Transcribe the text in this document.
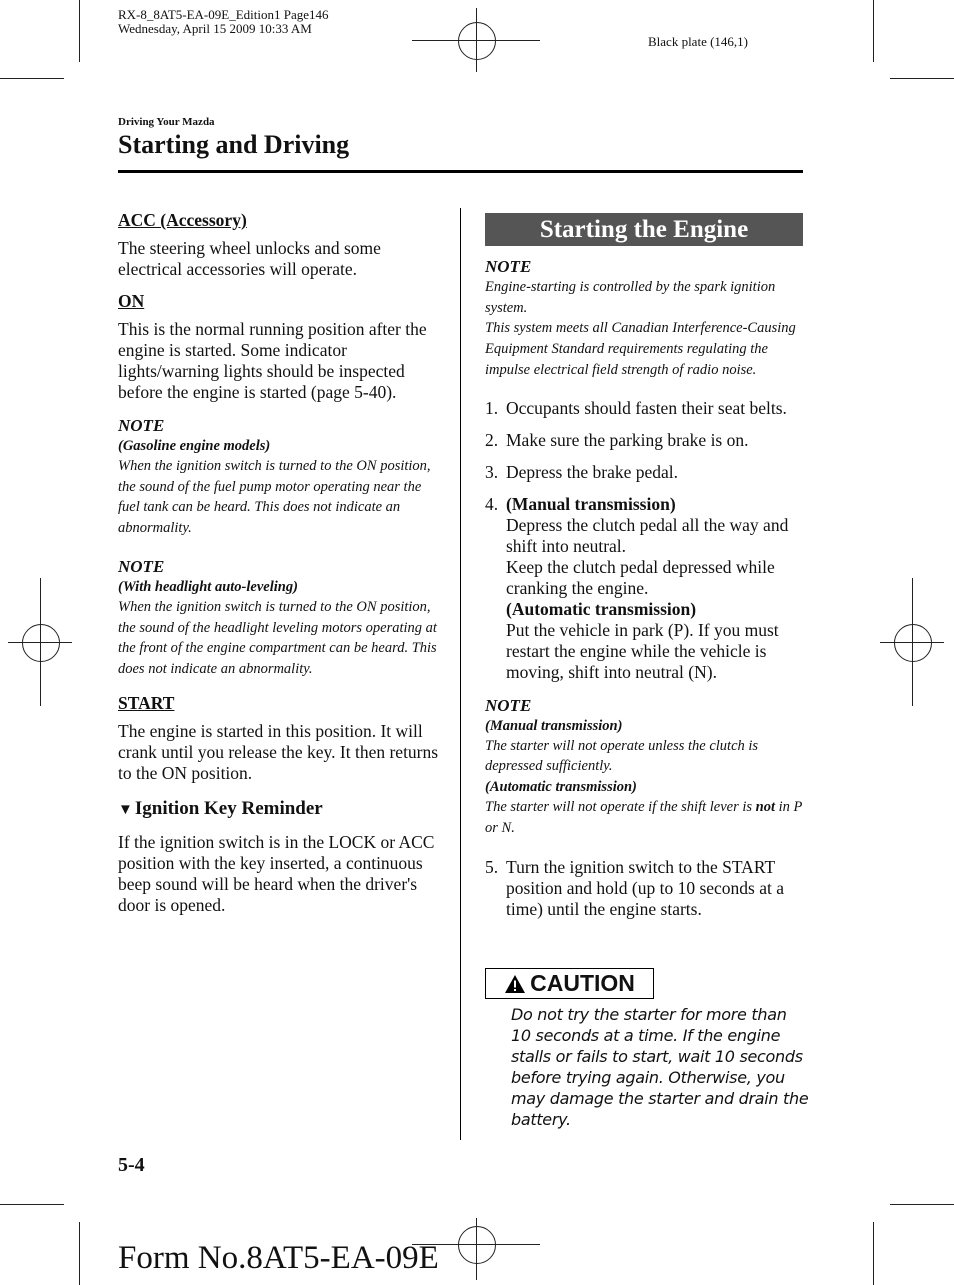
RX-8_8AT5-EA-09E_Edition1 Page146
Wednesday, April 15 2009 10:33 AM
Black plate (146,1)
Driving Your Mazda
Starting and Driving

ACC (Accessory)

The steering wheel unlocks and some electrical accessories will operate.

ON

This is the normal running position after the engine is started. Some indicator lights/warning lights should be inspected before the engine is started (page 5-40).

NOTE

(Gasoline engine models)

When the ignition switch is turned to the ON position, the sound of the fuel pump motor operating near the fuel tank can be heard. This does not indicate an abnormality.

NOTE

(With headlight auto-leveling)

When the ignition switch is turned to the ON position, the sound of the headlight leveling motors operating at the front of the engine compartment can be heard. This does not indicate an abnormality.

START

The engine is started in this position. It will crank until you release the key. It then returns to the ON position.

▼ Ignition Key Reminder

If the ignition switch is in the LOCK or ACC position with the key inserted, a continuous beep sound will be heard when the driver's door is opened.

Starting the Engine

NOTE

Engine-starting is controlled by the spark ignition system.

This system meets all Canadian Interference-Causing Equipment Standard requirements regulating the impulse electrical field strength of radio noise.

1. Occupants should fasten their seat belts.
2. Make sure the parking brake is on.
3. Depress the brake pedal.
4. (Manual transmission)
Depress the clutch pedal all the way and shift into neutral.
Keep the clutch pedal depressed while cranking the engine.
(Automatic transmission)
Put the vehicle in park (P). If you must restart the engine while the vehicle is moving, shift into neutral (N).

NOTE

(Manual transmission)

The starter will not operate unless the clutch is depressed sufficiently.

(Automatic transmission)

The starter will not operate if the shift lever is not in P or N.

5. Turn the ignition switch to the START position and hold (up to 10 seconds at a time) until the engine starts.
CAUTION
Do not try the starter for more than 10 seconds at a time. If the engine stalls or fails to start, wait 10 seconds before trying again. Otherwise, you may damage the starter and drain the battery.
5-4
Form No.8AT5-EA-09E
